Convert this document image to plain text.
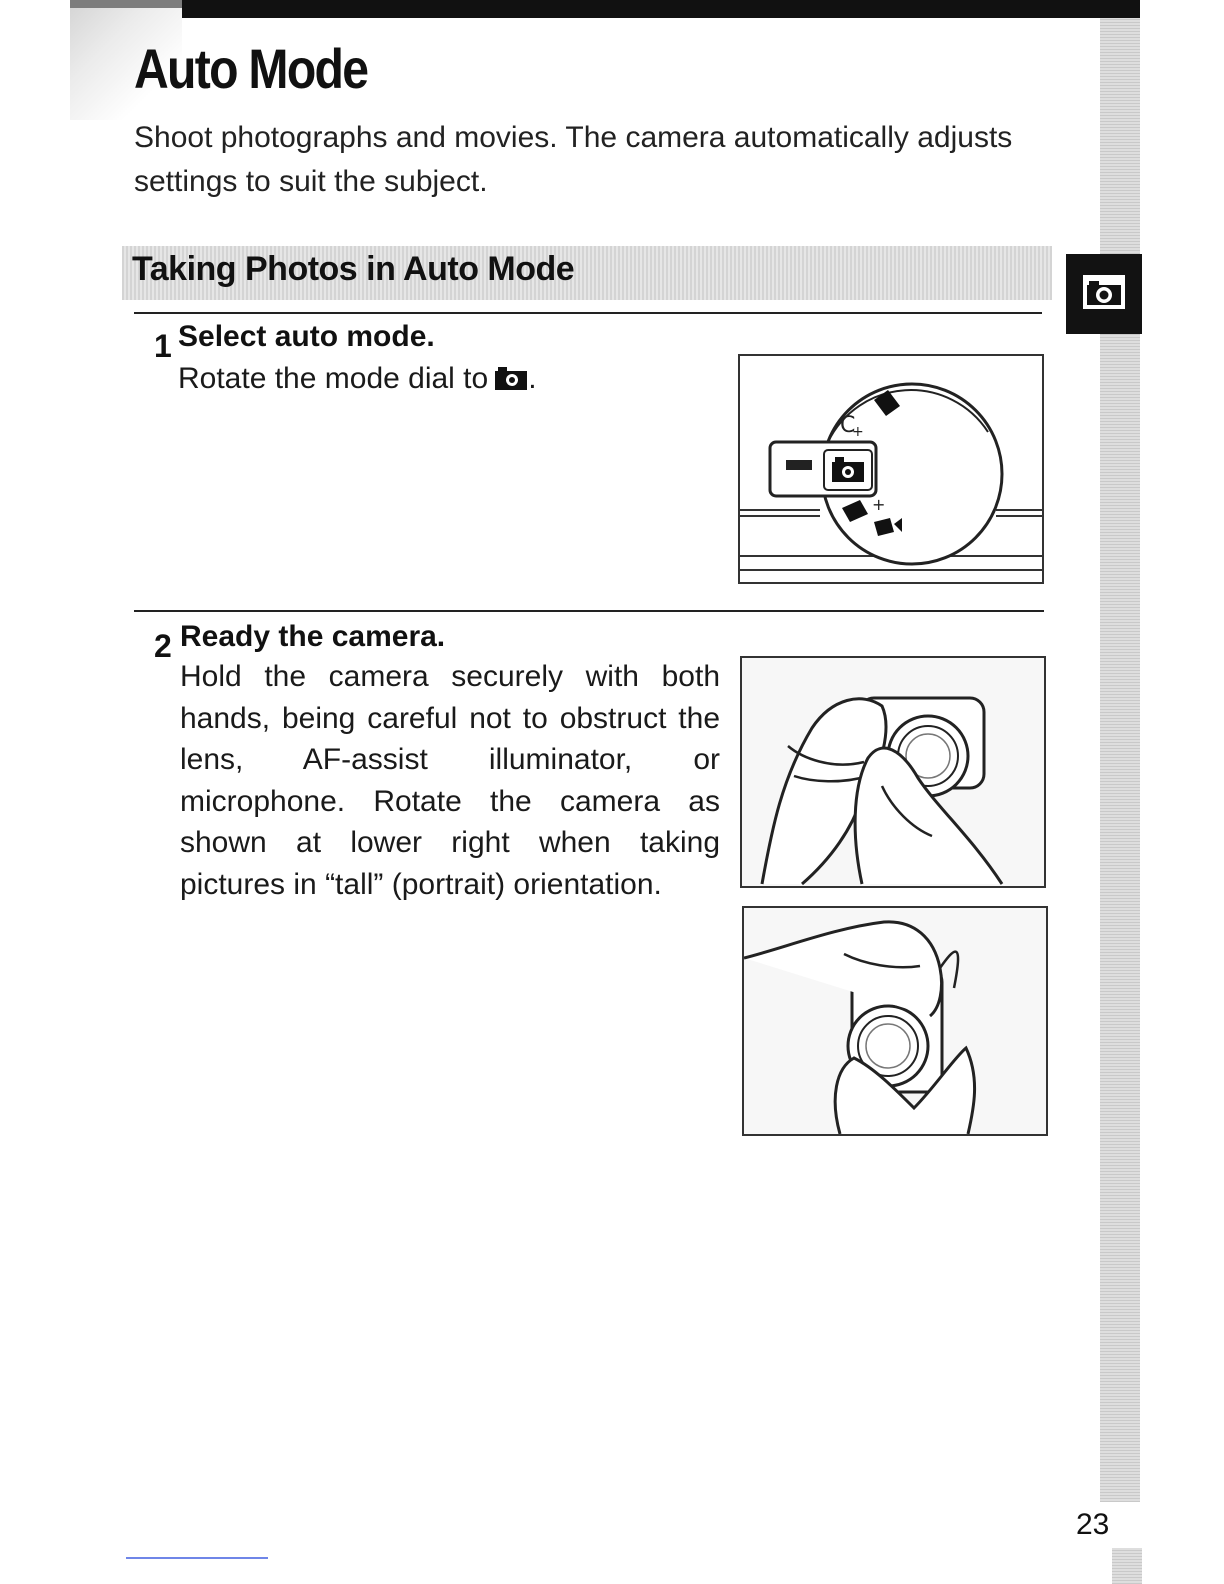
Auto Mode

Shoot photographs and movies. The camera automatically adjusts settings to suit the subject.

Taking Photos in Auto Mode
1 Select auto mode.

Rotate the mode dial to .

C
+
+
2 Ready the camera.

Hold the camera securely with both hands, being careful not to obstruct the lens, AF-assist illuminator, or microphone. Rotate the camera as shown at lower right when taking pictures in “tall” (portrait) orientation.

23
